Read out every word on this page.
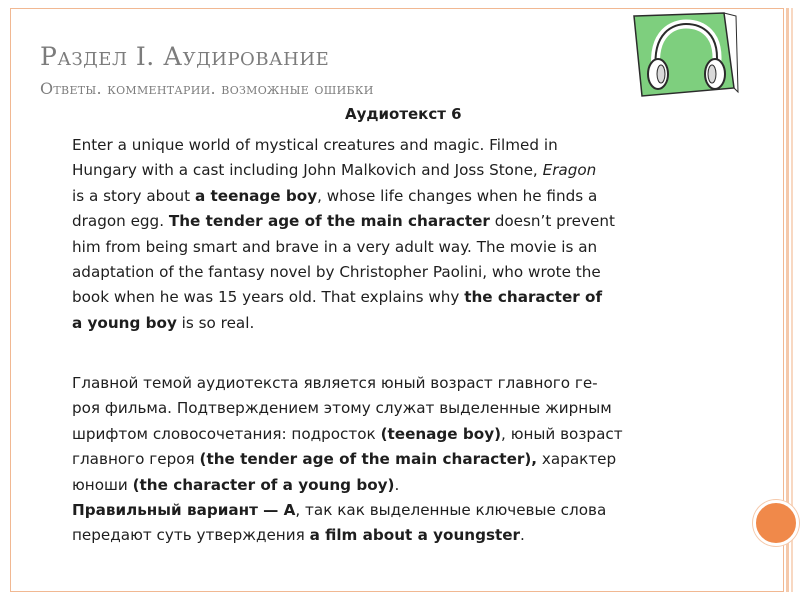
Раздел I. Аудирование
Ответы. комментарии. возможные ошибки
Аудиотекст 6

Enter a unique world of mystical creatures and magic. Filmed in
Hungary with a cast including John Malkovich and Joss Stone, Eragon
is a story about a teenage boy, whose life changes when he finds a
dragon egg. The tender age of the main character doesn’t prevent
him from being smart and brave in a very adult way. The movie is an
adaptation of the fantasy novel by Christopher Paolini, who wrote the
book when he was 15 years old. That explains why the character of
a young boy is so real.

Главной темой аудиотекста является юный возраст главного ге-
роя фильма. Подтверждением этому служат выделенные жирным
шрифтом словосочетания: подросток (teenage boy), юный возраст
главного героя (the tender age of the main character), характер
юноши (the character of a young boy).
Правильный вариант — А, так как выделенные ключевые слова
передают суть утверждения a film about a youngster.
